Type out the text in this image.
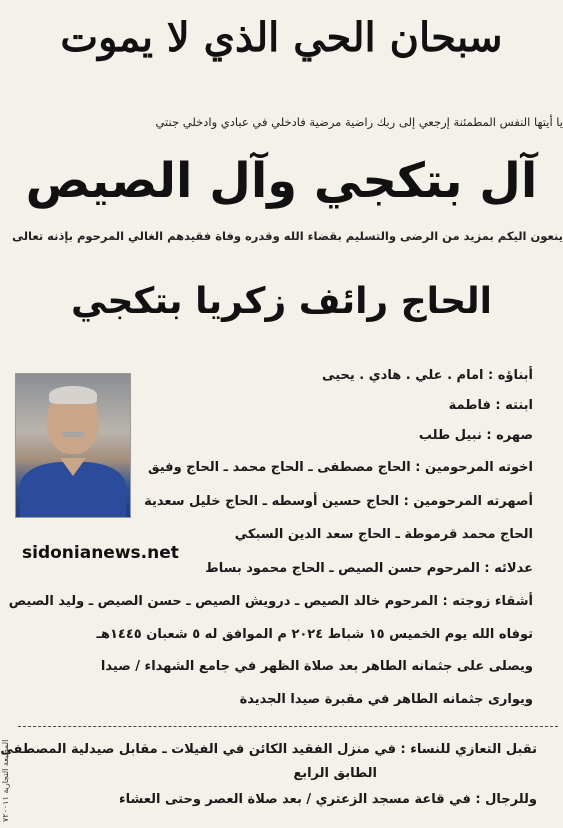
سبحان الحي الذي لا يموت
يا أيتها النفس المطمئنة إرجعي إلى ربك راضية مرضية فادخلي في عبادي وادخلي جنتي
آل بتكجي وآل الصيص
ينعون اليكم بمزيد من الرضى والتسليم بقضاء الله وقدره وفاة فقيدهم الغالي المرحوم بإذنه تعالى
الحاج رائف زكريا بتكجي
أبناؤه : امام . علي . هادي . يحيى
ابنته : فاطمة
صهره : نبيل طلب
اخوته المرحومين : الحاج مصطفى ـ الحاج محمد ـ الحاج وفيق
أصهرته المرحومين : الحاج حسين أوسطه ـ الحاج خليل سعدية
الحاج محمد قرموطة ـ الحاج سعد الدين السبكي
عدلائه : المرحوم حسن الصيص ـ الحاج محمود بساط
أشقاء زوجته : المرحوم خالد الصيص ـ درويش الصيص ـ حسن الصيص ـ وليد الصيص
توفاه الله يوم الخميس ١٥ شباط ٢٠٢٤ م الموافق له ٥ شعبان ١٤٤٥هـ
ويصلى على جثمانه الطاهر بعد صلاة الظهر في جامع الشهداء / صيدا
ويوارى جثمانه الطاهر في مقبرة صيدا الجديدة
sidonianews.net
تقبل التعازي للنساء : في منزل الفقيد الكائن في الفيلات ـ مقابل صيدلية المصطفى
الطابق الرابع
وللرجال : في قاعة مسجد الزعتري / بعد صلاة العصر وحتى العشاء
المطبعة التجارية ٧٢٠٠١١
